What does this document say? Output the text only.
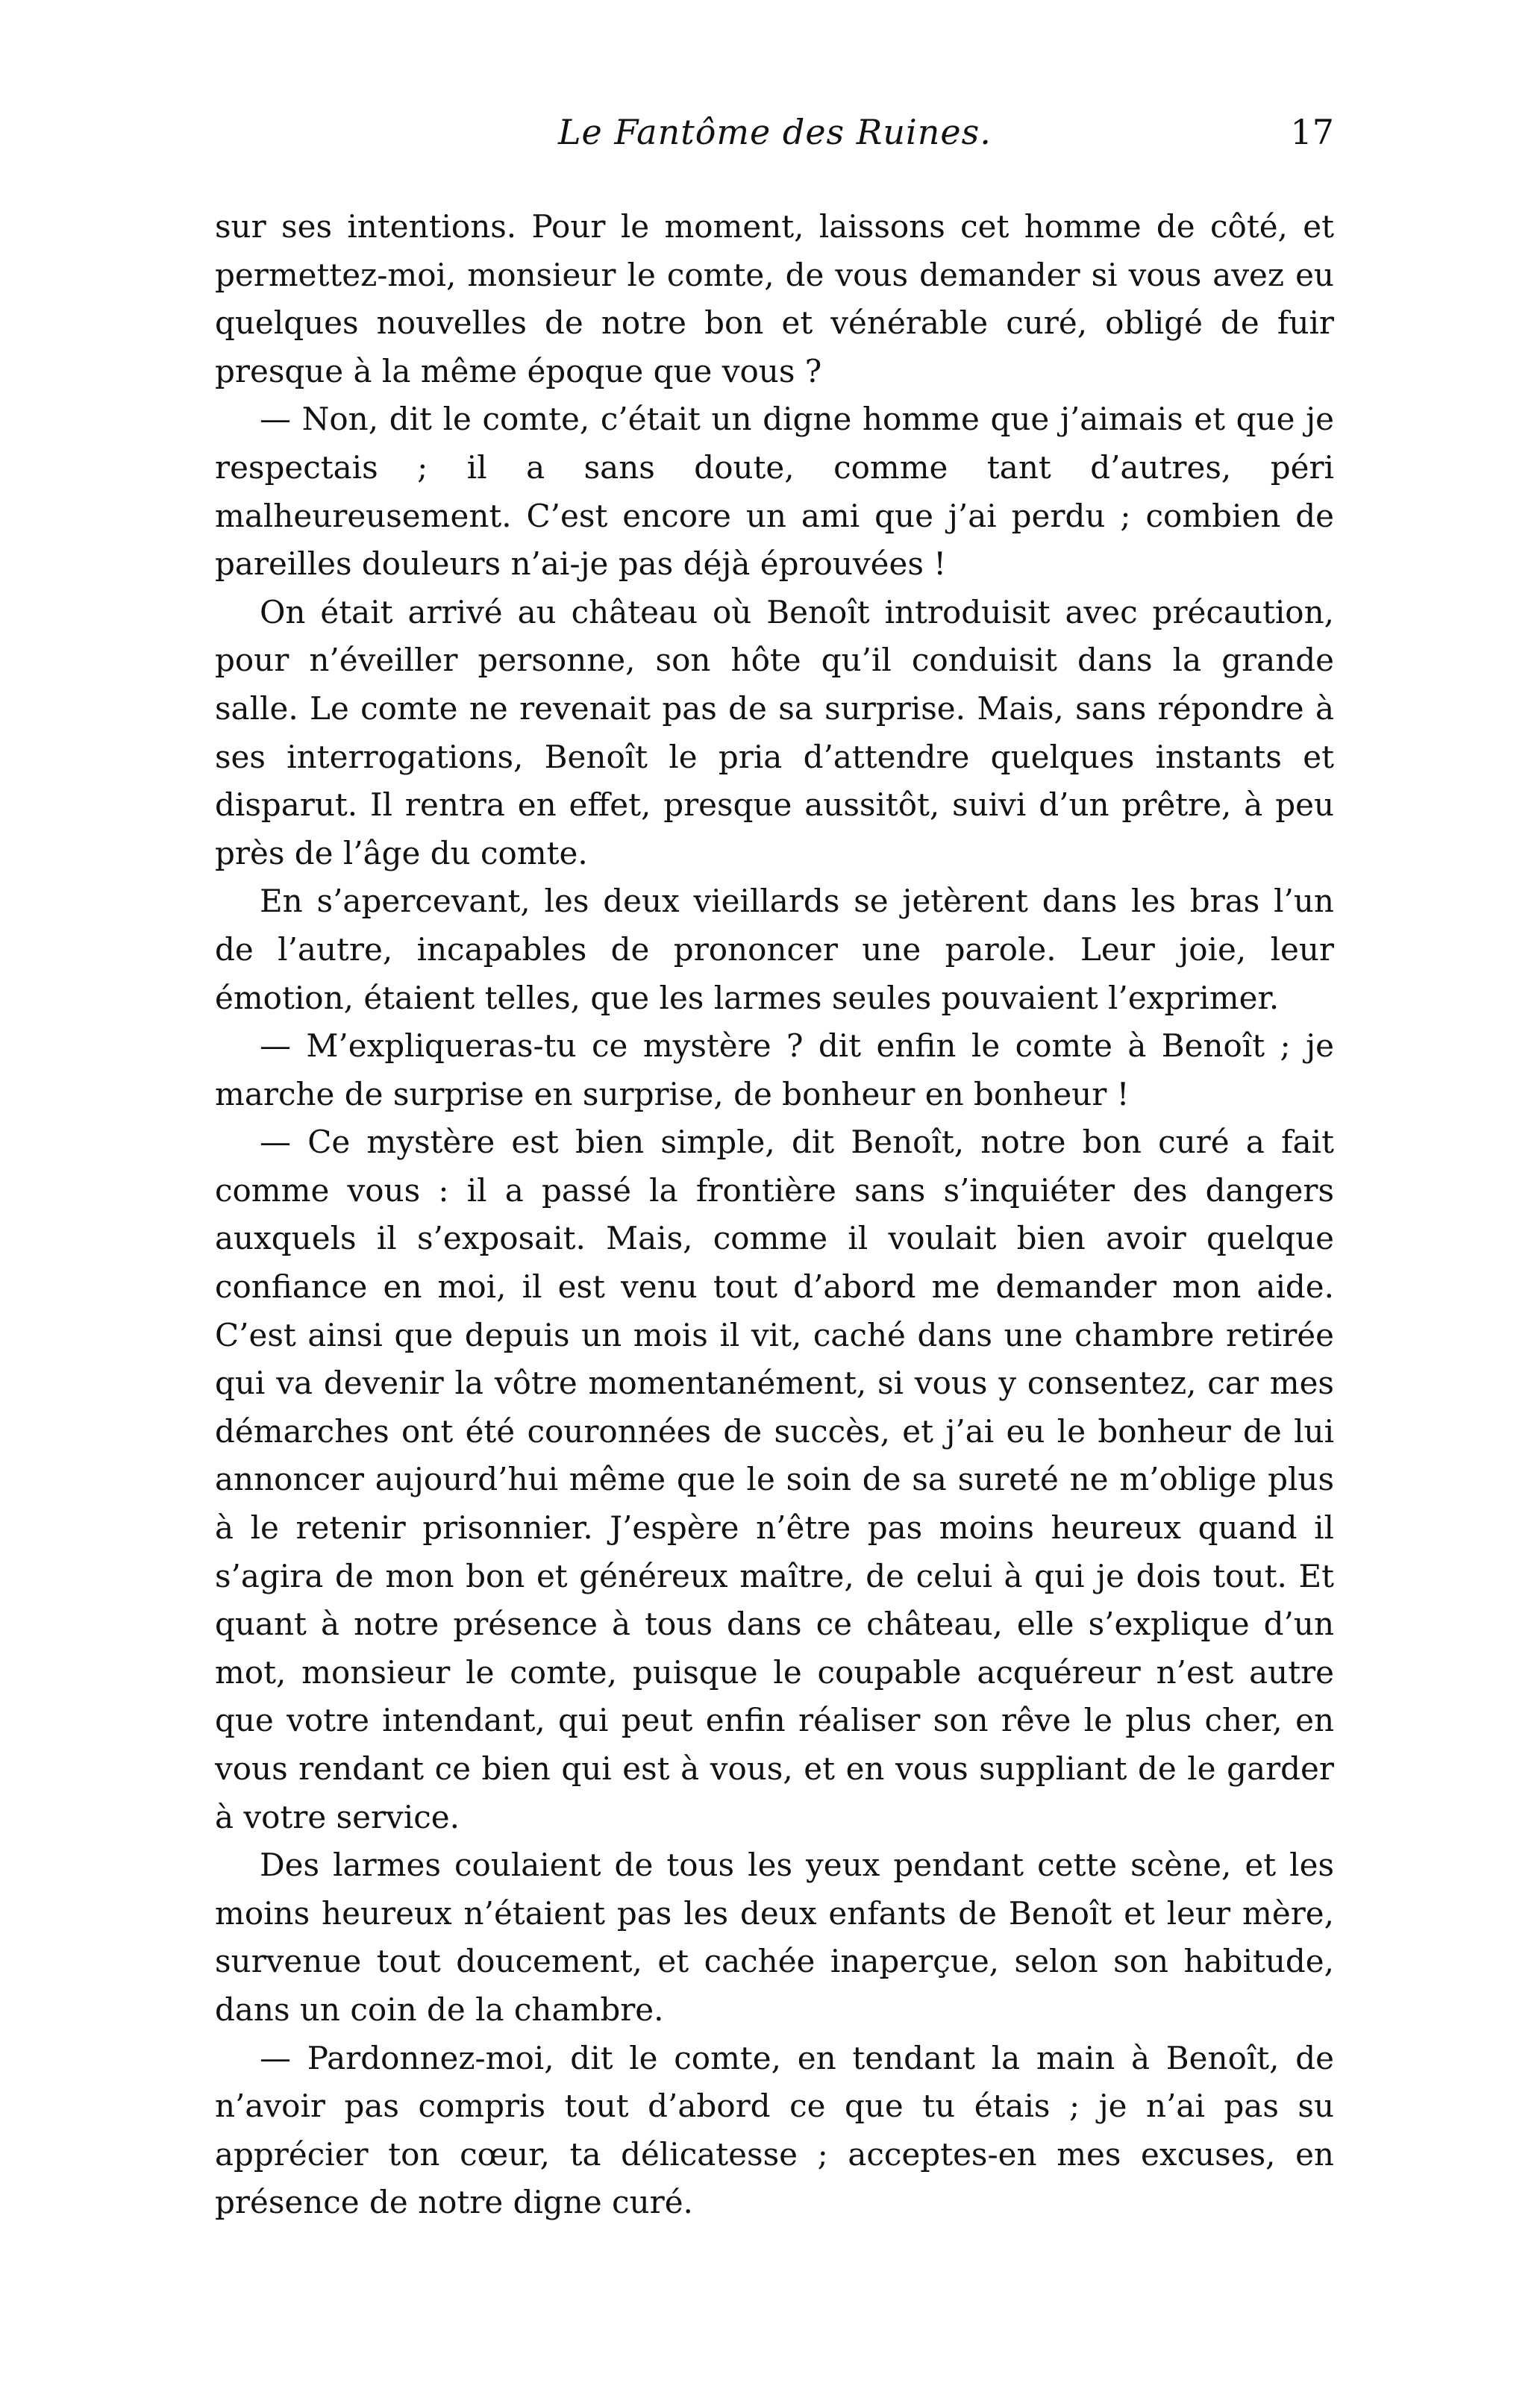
Le Fantôme des Ruines.	17

sur ses intentions. Pour le moment, laissons cet homme de côté, et permettez-moi, monsieur le comte, de vous demander si vous avez eu quelques nouvelles de notre bon et vénérable curé, obligé de fuir presque à la même époque que vous ?

— Non, dit le comte, c’était un digne homme que j’aimais et que je respectais ; il a sans doute, comme tant d’autres, péri malheureusement. C’est encore un ami que j’ai perdu ; combien de pareilles douleurs n’ai-je pas déjà éprouvées !

On était arrivé au château où Benoît introduisit avec précaution, pour n’éveiller personne, son hôte qu’il conduisit dans la grande salle. Le comte ne revenait pas de sa surprise. Mais, sans répondre à ses interrogations, Benoît le pria d’attendre quelques instants et disparut. Il rentra en effet, presque aussitôt, suivi d’un prêtre, à peu près de l’âge du comte.

En s’apercevant, les deux vieillards se jetèrent dans les bras l’un de l’autre, incapables de prononcer une parole. Leur joie, leur émotion, étaient telles, que les larmes seules pouvaient l’exprimer.

— M’expliqueras-tu ce mystère ? dit enfin le comte à Benoît ; je marche de surprise en surprise, de bonheur en bonheur !

— Ce mystère est bien simple, dit Benoît, notre bon curé a fait comme vous : il a passé la frontière sans s’inquiéter des dangers auxquels il s’exposait. Mais, comme il voulait bien avoir quelque confiance en moi, il est venu tout d’abord me demander mon aide. C’est ainsi que depuis un mois il vit, caché dans une chambre retirée qui va devenir la vôtre momentanément, si vous y consentez, car mes démarches ont été couronnées de succès, et j’ai eu le bonheur de lui annoncer aujourd’hui même que le soin de sa sureté ne m’oblige plus à le retenir prisonnier. J’espère n’être pas moins heureux quand il s’agira de mon bon et généreux maître, de celui à qui je dois tout. Et quant à notre présence à tous dans ce château, elle s’explique d’un mot, monsieur le comte, puisque le coupable acquéreur n’est autre que votre intendant, qui peut enfin réaliser son rêve le plus cher, en vous rendant ce bien qui est à vous, et en vous suppliant de le garder à votre service.

Des larmes coulaient de tous les yeux pendant cette scène, et les moins heureux n’étaient pas les deux enfants de Benoît et leur mère, survenue tout doucement, et cachée inaperçue, selon son habitude, dans un coin de la chambre.

— Pardonnez-moi, dit le comte, en tendant la main à Benoît, de n’avoir pas compris tout d’abord ce que tu étais ; je n’ai pas su apprécier ton cœur, ta délicatesse ; acceptes-en mes excuses, en présence de notre digne curé.
